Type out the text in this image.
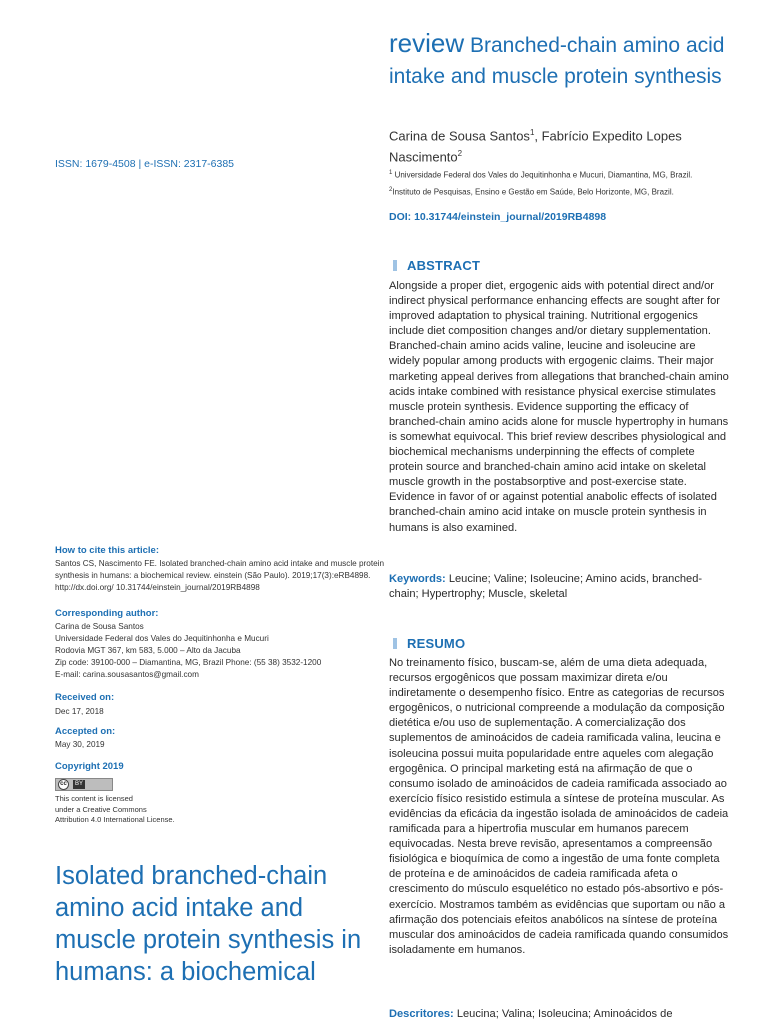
review Branched-chain amino acid intake and muscle protein synthesis
Carina de Sousa Santos$^1$, Fabrício Expedito Lopes Nascimento$^2$

$^1$ Universidade Federal dos Vales do Jequitinhonha e Mucuri, Diamantina, MG, Brazil.

$^2$Instituto de Pesquisas, Ensino e Gestão em Saúde, Belo Horizonte, MG, Brazil.

DOI: 10.31744/einstein_journal/2019RB4898
ISSN: 1679-4508 | e-ISSN: 2317-6385
ABSTRACT
Alongside a proper diet, ergogenic aids with potential direct and/or indirect physical performance enhancing effects are sought after for improved adaptation to physical training. Nutritional ergogenics include diet composition changes and/or dietary supplementation. Branched-chain amino acids valine, leucine and isoleucine are widely popular among products with ergogenic claims. Their major marketing appeal derives from allegations that branched-chain amino acids intake combined with resistance physical exercise stimulates muscle protein synthesis. Evidence supporting the efficacy of branched-chain amino acids alone for muscle hypertrophy in humans is somewhat equivocal. This brief review describes physiological and biochemical mechanisms underpinning the effects of complete protein source and branched-chain amino acid intake on skeletal muscle growth in the postabsorptive and post-exercise state. Evidence in favor of or against potential anabolic effects of isolated branched-chain amino acid intake on muscle protein synthesis in humans is also examined.
Keywords: Leucine; Valine; Isoleucine; Amino acids, branched-chain; Hypertrophy; Muscle, skeletal
RESUMO
No treinamento físico, buscam-se, além de uma dieta adequada, recursos ergogênicos que possam maximizar direta e/ou indiretamente o desempenho físico. Entre as categorias de recursos ergogênicos, o nutricional compreende a modulação da composição dietética e/ou uso de suplementação. A comercialização dos suplementos de aminoácidos de cadeia ramificada valina, leucina e isoleucina possui muita popularidade entre aqueles com alegação ergogênica. O principal marketing está na afirmação de que o consumo isolado de aminoácidos de cadeia ramificada associado ao exercício físico resistido estimula a síntese de proteína muscular. As evidências da eficácia da ingestão isolada de aminoácidos de cadeia ramificada para a hipertrofia muscular em humanos parecem equivocadas. Nesta breve revisão, apresentamos a compreensão fisiológica e bioquímica de como a ingestão de uma fonte completa de proteína e de aminoácidos de cadeia ramificada afeta o crescimento do músculo esquelético no estado pós-absortivo e pós-exercício. Mostramos também as evidências que suportam ou não a afirmação dos potenciais efeitos anabólicos na síntese de proteína muscular dos aminoácidos de cadeia ramificada quando consumidos isoladamente em humanos.
Descritores: Leucina; Valina; Isoleucina; Aminoácidos de
How to cite this article:
Santos CS, Nascimento FE. Isolated branched-chain amino acid intake and muscle protein synthesis in humans: a biochemical review. einstein (São Paulo). 2019;17(3):eRB4898. http://dx.doi.org/ 10.31744/einstein_journal/2019RB4898
Corresponding author:
Carina de Sousa Santos
Universidade Federal dos Vales do Jequitinhonha e Mucuri
Rodovia MGT 367, km 583, 5.000 – Alto da Jacuba
Zip code: 39100-000 – Diamantina, MG, Brazil Phone: (55 38) 3532-1200
E-mail: carina.sousasantos@gmail.com
Received on:
Dec 17, 2018
Accepted on:
May 30, 2019
Copyright 2019
cc	BY
This content is licensed
under a Creative Commons
Attribution 4.0 International License.
Isolated branched-chain amino acid intake and muscle protein synthesis in humans: a biochemical
